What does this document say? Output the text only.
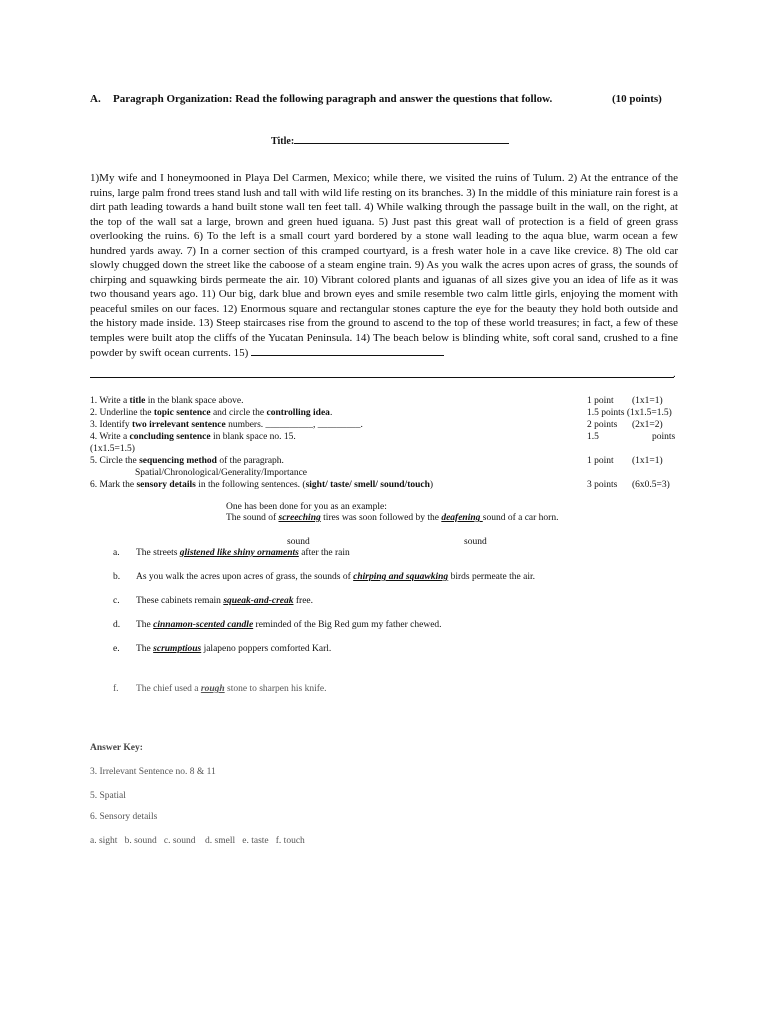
A. Paragraph Organization: Read the following paragraph and answer the questions that follow.	(10 points)
Title:
1)My wife and I honeymooned in Playa Del Carmen, Mexico; while there, we visited the ruins of Tulum. 2) At the entrance of the ruins, large palm frond trees stand lush and tall with wild life resting on its branches. 3) In the middle of this miniature rain forest is a dirt path leading towards a hand built stone wall ten feet tall. 4) While walking through the passage built in the wall, on the right, at the top of the wall sat a large, brown and green hued iguana. 5) Just past this great wall of protection is a field of green grass overlooking the ruins. 6) To the left is a small court yard bordered by a stone wall leading to the aqua blue, warm ocean a few hundred yards away. 7) In a corner section of this cramped courtyard, is a fresh water hole in a cave like crevice. 8) The old car slowly chugged down the street like the caboose of a steam engine train. 9) As you walk the acres upon acres of grass, the sounds of chirping and squawking birds permeate the air. 10) Vibrant colored plants and iguanas of all sizes give you an idea of life as it was two thousand years ago. 11) Our big, dark blue and brown eyes and smile resemble two calm little girls, enjoying the moment with peaceful smiles on our faces. 12) Enormous square and rectangular stones capture the eye for the beauty they hold both outside and the history made inside. 13) Steep staircases rise from the ground to ascend to the top of these world treasures; in fact, a few of these temples were built atop the cliffs of the Yucatan Peninsula. 14) The beach below is blinding white, soft coral sand, crushed to a fine powder by swift ocean currents. 15)
.
1. Write a title in the blank space above.	1 point (1x1=1)
2. Underline the topic sentence and circle the controlling idea.	1.5 points (1x1.5=1.5)
3. Identify two irrelevant sentence numbers. __________, _________.	2 points (2x1=2)
4. Write a concluding sentence in blank space no. 15.	1.5	points
(1x1.5=1.5)
5. Circle the sequencing method of the paragraph.	1 point (1x1=1)
Spatial/Chronological/Generality/Importance
6. Mark the sensory details in the following sentences. (sight/ taste/ smell/ sound/touch)	3 points (6x0.5=3)
One has been done for you as an example:
The sound of screeching tires was soon followed by the deafening sound of a car horn.
sound	sound
a. The streets glistened like shiny ornaments after the rain
b. As you walk the acres upon acres of grass, the sounds of chirping and squawking birds permeate the air.
c. These cabinets remain squeak-and-creak free.
d. The cinnamon-scented candle reminded of the Big Red gum my father chewed.
e. The scrumptious jalapeno poppers comforted Karl.
f. The chief used a rough stone to sharpen his knife.
Answer Key:
3. Irrelevant Sentence no. 8 & 11
5. Spatial
6. Sensory details
a. sight   b. sound   c. sound    d. smell   e. taste   f. touch
